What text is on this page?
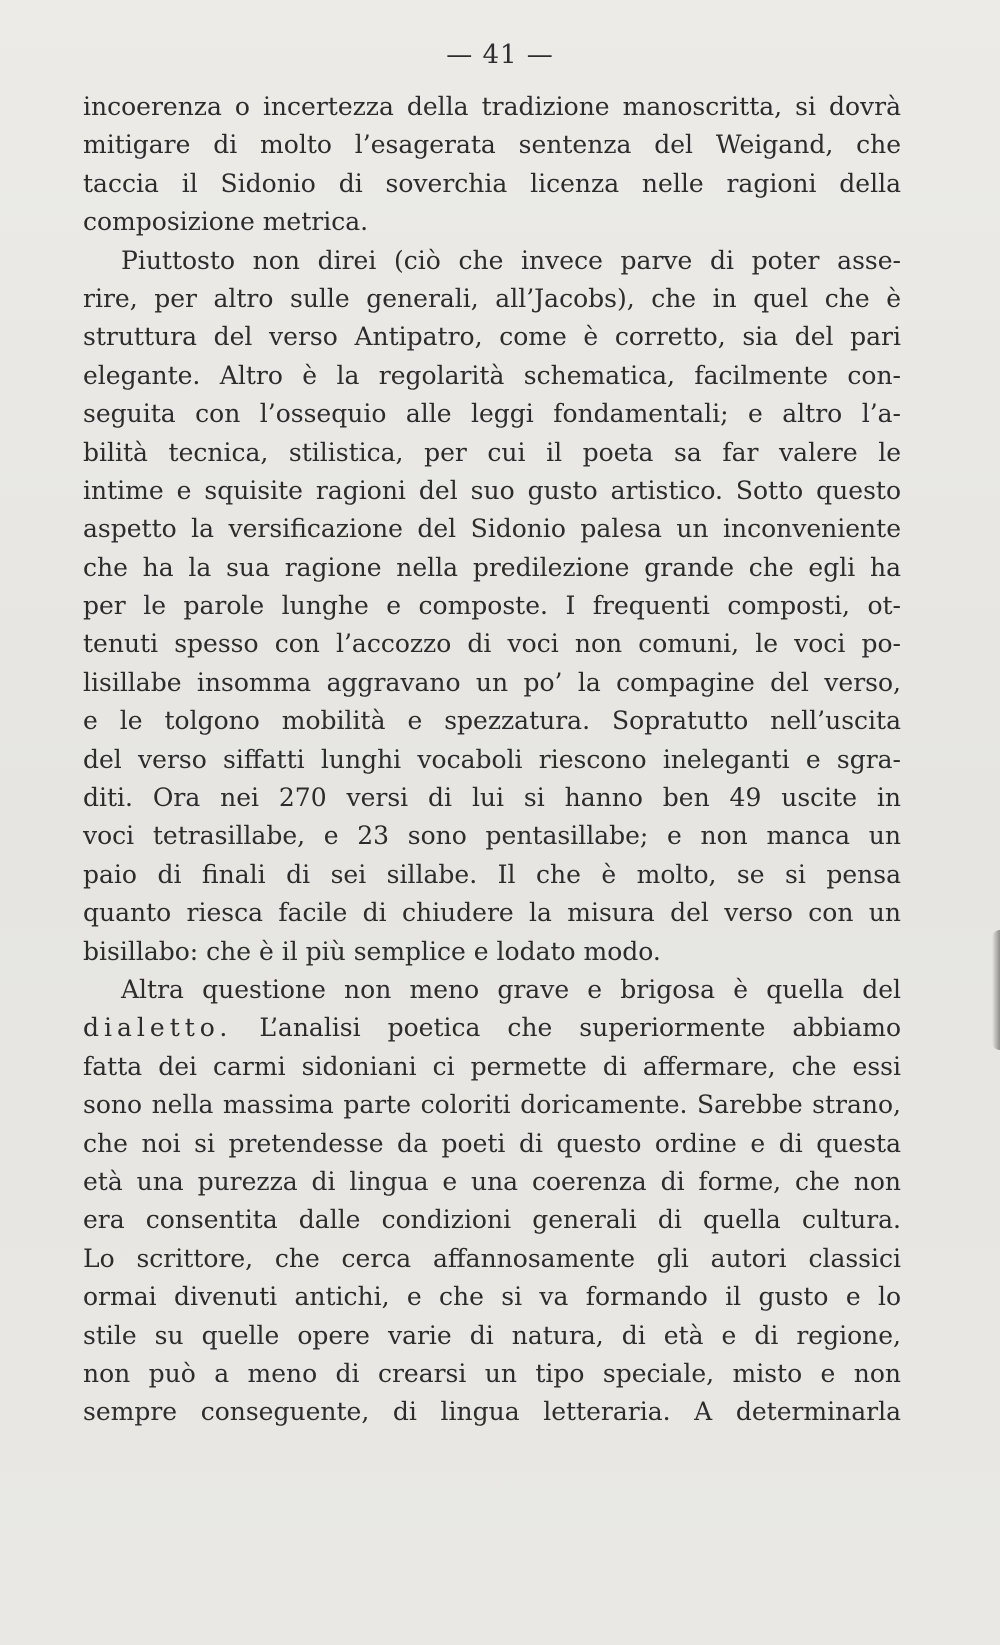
— 41 —
incoerenza o incertezza della tradizione manoscritta, si dovrà
mitigare di molto l’esagerata sentenza del Weigand, che
taccia il Sidonio di soverchia licenza nelle ragioni della
composizione metrica.
Piuttosto non direi (ciò che invece parve di poter asse-
rire, per altro sulle generali, all’Jacobs), che in quel che è
struttura del verso Antipatro, come è corretto, sia del pari
elegante. Altro è la regolarità schematica, facilmente con-
seguita con l’ossequio alle leggi fondamentali; e altro l’a-
bilità tecnica, stilistica, per cui il poeta sa far valere le
intime e squisite ragioni del suo gusto artistico. Sotto questo
aspetto la versificazione del Sidonio palesa un inconveniente
che ha la sua ragione nella predilezione grande che egli ha
per le parole lunghe e composte. I frequenti composti, ot-
tenuti spesso con l’accozzo di voci non comuni, le voci po-
lisillabe insomma aggravano un po’ la compagine del verso,
e le tolgono mobilità e spezzatura. Sopratutto nell’uscita
del verso siffatti lunghi vocaboli riescono ineleganti e sgra-
diti. Ora nei 270 versi di lui si hanno ben 49 uscite in
voci tetrasillabe, e 23 sono pentasillabe; e non manca un
paio di finali di sei sillabe. Il che è molto, se si pensa
quanto riesca facile di chiudere la misura del verso con un
bisillabo: che è il più semplice e lodato modo.
Altra questione non meno grave e brigosa è quella del
dialetto. L’analisi poetica che superiormente abbiamo
fatta dei carmi sidoniani ci permette di affermare, che essi
sono nella massima parte coloriti doricamente. Sarebbe strano,
che noi si pretendesse da poeti di questo ordine e di questa
età una purezza di lingua e una coerenza di forme, che non
era consentita dalle condizioni generali di quella cultura.
Lo scrittore, che cerca affannosamente gli autori classici
ormai divenuti antichi, e che si va formando il gusto e lo
stile su quelle opere varie di natura, di età e di regione,
non può a meno di crearsi un tipo speciale, misto e non
sempre conseguente, di lingua letteraria. A determinarla
